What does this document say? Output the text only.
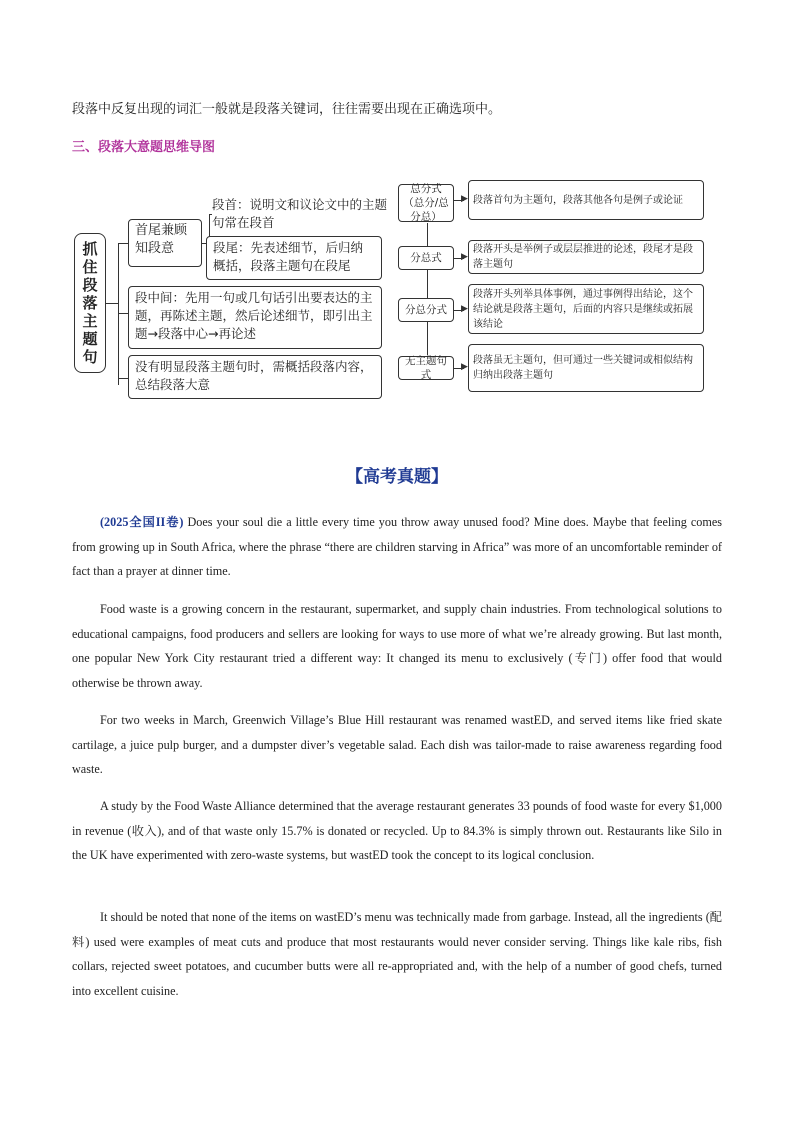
段落中反复出现的词汇一般就是段落关键词，往往需要出现在正确选项中。
三、段落大意题思维导图
抓住段落主题句
首尾兼顾知段意
段首：说明文和议论文中的主题句常在段首
段尾：先表述细节，后归纳概括，段落主题句在段尾
段中间：先用一句或几句话引出要表达的主题，再陈述主题，然后论述细节，即引出主题→段落中心→再论述
没有明显段落主题句时，需概括段落内容，总结段落大意
总分式（总分/总分总）
分总式
分总分式
无主题句式
▶
▶
▶
▶
段落首句为主题句，段落其他各句是例子或论证
段落开头是举例子或层层推进的论述，段尾才是段落主题句
段落开头列举具体事例，通过事例得出结论，这个结论就是段落主题句，后面的内容只是继续或拓展该结论
段落虽无主题句，但可通过一些关键词或相似结构归纳出段落主题句
【高考真题】
(2025全国II卷) Does your soul die a little every time you throw away unused food? Mine does. Maybe that feeling comes from growing up in South Africa, where the phrase “there are children starving in Africa” was more of an uncomfortable reminder of fact than a prayer at dinner time.
Food waste is a growing concern in the restaurant, supermarket, and supply chain industries. From technological solutions to educational campaigns, food producers and sellers are looking for ways to use more of what we’re already growing. But last month, one popular New York City restaurant tried a different way: It changed its menu to exclusively (专门) offer food that would otherwise be thrown away.
For two weeks in March, Greenwich Village’s Blue Hill restaurant was renamed wastED, and served items like fried skate cartilage, a juice pulp burger, and a dumpster diver’s vegetable salad. Each dish was tailor-made to raise awareness regarding food waste.
A study by the Food Waste Alliance determined that the average restaurant generates 33 pounds of food waste for every $1,000 in revenue (收入), and of that waste only 15.7% is donated or recycled. Up to 84.3% is simply thrown out. Restaurants like Silo in the UK have experimented with zero-waste systems, but wastED took the concept to its logical conclusion.
It should be noted that none of the items on wastED’s menu was technically made from garbage. Instead, all the ingredients (配料) used were examples of meat cuts and produce that most restaurants would never consider serving. Things like kale ribs, fish collars, rejected sweet potatoes, and cucumber butts were all re-appropriated and, with the help of a number of good chefs, turned into excellent cuisine.
